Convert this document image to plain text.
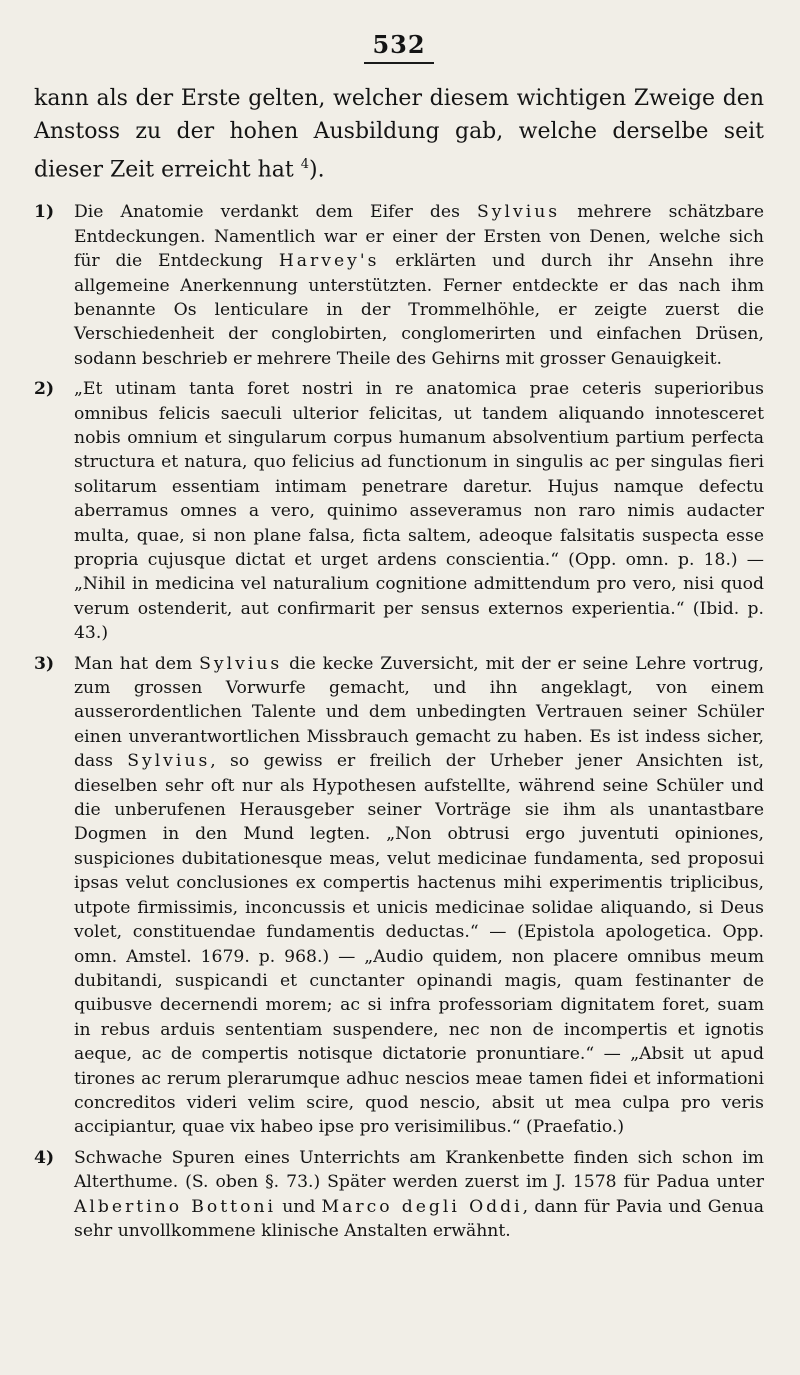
532

kann als der Erste gelten, welcher diesem wichtigen Zweige den Anstoss zu der hohen Ausbildung gab, welche derselbe seit dieser Zeit erreicht hat $^4$).

1) Die Anatomie verdankt dem Eifer des Sylvius mehrere schätzbare Entdeckungen. Namentlich war er einer der Ersten von Denen, welche sich für die Entdeckung Harvey's erklärten und durch ihr Ansehn ihre allgemeine Anerkennung unterstützten. Ferner entdeckte er das nach ihm benannte Os lenticulare in der Trommelhöhle, er zeigte zuerst die Verschiedenheit der conglobirten, conglomerirten und einfachen Drüsen, sodann beschrieb er mehrere Theile des Gehirns mit grosser Genauigkeit.

2) „Et utinam tanta foret nostri in re anatomica prae ceteris superioribus omnibus felicis saeculi ulterior felicitas, ut tandem aliquando innotesceret nobis omnium et singularum corpus humanum absolventium partium perfecta structura et natura, quo felicius ad functionum in singulis ac per singulas fieri solitarum essentiam intimam penetrare daretur. Hujus namque defectu aberramus omnes a vero, quinimo asseveramus non raro nimis audacter multa, quae, si non plane falsa, ficta saltem, adeoque falsitatis suspecta esse propria cujusque dictat et urget ardens conscientia.“ (Opp. omn. p. 18.) — „Nihil in medicina vel naturalium cognitione admittendum pro vero, nisi quod verum ostenderit, aut confirmarit per sensus externos experientia.“ (Ibid. p. 43.)

3) Man hat dem Sylvius die kecke Zuversicht, mit der er seine Lehre vortrug, zum grossen Vorwurfe gemacht, und ihn angeklagt, von einem ausserordentlichen Talente und dem unbedingten Vertrauen seiner Schüler einen unverantwortlichen Missbrauch gemacht zu haben. Es ist indess sicher, dass Sylvius, so gewiss er freilich der Urheber jener Ansichten ist, dieselben sehr oft nur als Hypothesen aufstellte, während seine Schüler und die unberufenen Herausgeber seiner Vorträge sie ihm als unantastbare Dogmen in den Mund legten. „Non obtrusi ergo juventuti opiniones, suspiciones dubitationesque meas, velut medicinae fundamenta, sed proposui ipsas velut conclusiones ex compertis hactenus mihi experimentis triplicibus, utpote firmissimis, inconcussis et unicis medicinae solidae aliquando, si Deus volet, constituendae fundamentis deductas.“ — (Epistola apologetica. Opp. omn. Amstel. 1679. p. 968.) — „Audio quidem, non placere omnibus meum dubitandi, suspicandi et cunctanter opinandi magis, quam festinanter de quibusve decernendi morem; ac si infra professoriam dignitatem foret, suam in rebus arduis sententiam suspendere, nec non de incompertis et ignotis aeque, ac de compertis notisque dictatorie pronuntiare.“ — „Absit ut apud tirones ac rerum plerarumque adhuc nescios meae tamen fidei et informationi concreditos videri velim scire, quod nescio, absit ut mea culpa pro veris accipiantur, quae vix habeo ipse pro verisimilibus.“ (Praefatio.)

4) Schwache Spuren eines Unterrichts am Krankenbette finden sich schon im Alterthume. (S. oben §. 73.) Später werden zuerst im J. 1578 für Padua unter Albertino Bottoni und Marco degli Oddi, dann für Pavia und Genua sehr unvollkommene klinische Anstalten erwähnt.
